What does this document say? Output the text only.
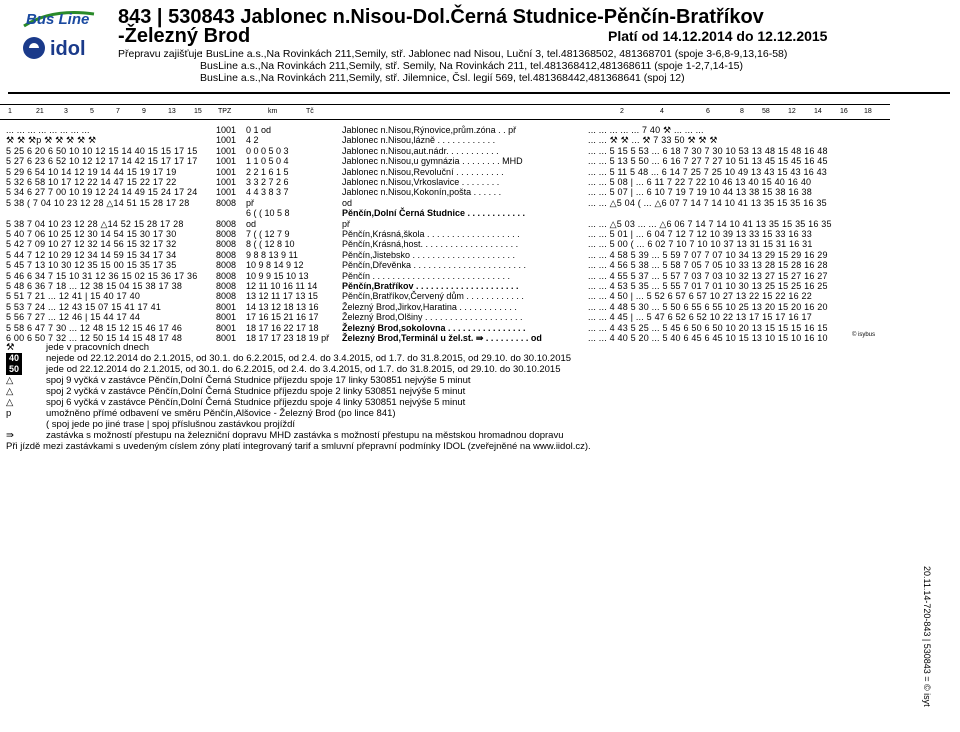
Bus Line
idol
843 | 530843 Jablonec n.Nisou-Dol.Černá Studnice-Pěnčín-Bratříkov
-Železný Brod	Platí od 14.12.2014 do 12.12.2015
Přepravu zajišťuje: BusLine a.s.,Na Rovinkách 211,Semily, stř. Jablonec nad Nisou, Luční 3, tel.481368502, 481368701 (spoje 3-6,8-9,13,16-58)
BusLine a.s.,Na Rovinkách 211,Semily, stř. Semily, Na Rovinkách 211, tel.481368412,481368611 (spoje 1-2,7,14-15)
BusLine a.s.,Na Rovinkách 211,Semily, stř. Jilemnice, Čsl. legií 569, tel.481368442,481368641 (spoj 12)
1	21	3	5	7	9	13	15 TPZ	km	Tč	2	4	6	8	58	12	14	16 18
... ... ... ... ... ... ... ...	1001 0 1 od	Jablonec n.Nisou,Rýnovice,prům.zóna . . př	... ... ... ... ... 7 40 ⚒ ... ... ...
⚒ ⚒ ⚒p ⚒ ⚒ ⚒ ⚒ ⚒	1001 4 2	Jablonec n.Nisou,lázně . . . . . . . . . . . .	... ... ⚒ ⚒ ... ⚒ 7 33 50 ⚒ ⚒ ⚒
5 25 6 20 6 50 10 10 12 15 14 40 15 15 17 15	1001 0 0 0 5 0 3	Jablonec n.Nisou,aut.nádr. . . . . . . . . . .	... ... 5 15 5 53 ... 6 18 7 30 7 30 10 53 13 48 15 48 16 48
5 27 6 23 6 52 10 12 12 17 14 42 15 17 17 17	1001 1 1 0 5 0 4	Jablonec n.Nisou,u gymnázia . . . . . . . . MHD	... ... 5 13 5 50 ... 6 16 7 27 7 27 10 51 13 45 15 45 16 45
5 29 6 54 10 14 12 19 14 44 15 19 17 19	1001 2 2 1 6 1 5	Jablonec n.Nisou,Revoluční . . . . . . . . . .	... ... 5 11 5 48 ... 6 14 7 25 7 25 10 49 13 43 15 43 16 43
5 32 6 58 10 17 12 22 14 47 15 22 17 22	1001 3 3 2 7 2 6	Jablonec n.Nisou,Vrkoslavice . . . . . . . .	... ... 5 08 | ... 6 11 7 22 7 22 10 46 13 40 15 40 16 40
5 34 6 27 7 00 10 19 12 24 14 49 15 24 17 24	1001 4 4 3 8 3 7	Jablonec n.Nisou,Kokonín,pošta . . . . . .	... ... 5 07 | ... 6 10 7 19 7 19 10 44 13 38 15 38 16 38
5 38 ( 7 04 10 23 12 28 △14 51 15 28 17 28	8008 př	od	... ... △5 04 ( ... △6 07 7 14 7 14 10 41 13 35 15 35 16 35
6 ( ( 10 5 8	Pěnčín,Dolní Černá Studnice . . . . . . . . . . . .
5 38 7 04 10 23 12 28 △14 52 15 28 17 28	8008 od	př	... ... △5 03 ... ... △6 06 7 14 7 14 10 41 13 35 15 35 16 35
5 40 7 06 10 25 12 30 14 54 15 30 17 30	8008 7 ( ( 12 7 9	Pěnčín,Krásná,škola . . . . . . . . . . . . . . . . . . .	... ... 5 01 | ... 6 04 7 12 7 12 10 39 13 33 15 33 16 33
5 42 7 09 10 27 12 32 14 56 15 32 17 32	8008 8 ( ( 12 8 10	Pěnčín,Krásná,host. . . . . . . . . . . . . . . . . . . .	... ... 5 00 ( ... 6 02 7 10 7 10 10 37 13 31 15 31 16 31
5 44 7 12 10 29 12 34 14 59 15 34 17 34	8008 9 8 8 13 9 11	Pěnčín,Jistebsko . . . . . . . . . . . . . . . . . . . . .	... ... 4 58 5 39 ... 5 59 7 07 7 07 10 34 13 29 15 29 16 29
5 45 7 13 10 30 12 35 15 00 15 35 17 35	8008 10 9 8 14 9 12	Pěnčín,Dřevěnka . . . . . . . . . . . . . . . . . . . . . . .	... ... 4 56 5 38 ... 5 58 7 05 7 05 10 33 13 28 15 28 16 28
5 46 6 34 7 15 10 31 12 36 15 02 15 36 17 36	8008 10 9 9 15 10 13	Pěnčín . . . . . . . . . . . . . . . . . . . . . . . . . . . .	... ... 4 55 5 37 ... 5 57 7 03 7 03 10 32 13 27 15 27 16 27
5 48 6 36 7 18 ... 12 38 15 04 15 38 17 38	8008 12 11 10 16 11 14	Pěnčín,Bratříkov . . . . . . . . . . . . . . . . . . . . .	... ... 4 53 5 35 ... 5 55 7 01 7 01 10 30 13 25 15 25 16 25
5 51 7 21 ... 12 41 | 15 40 17 40	8008 13 12 11 17 13 15	Pěnčín,Bratříkov,Červený dům . . . . . . . . . . . .	... ... 4 50 | ... 5 52 6 57 6 57 10 27 13 22 15 22 16 22
5 53 7 24 ... 12 43 15 07 15 41 17 41	8001 14 13 12 18 13 16	Železný Brod,Jirkov,Haratina . . . . . . . . . . . .	... ... 4 48 5 30 ... 5 50 6 55 6 55 10 25 13 20 15 20 16 20
5 56 7 27 ... 12 46 | 15 44 17 44	8001 17 16 15 21 16 17	Železný Brod,Olšiny . . . . . . . . . . . . . . . . . . . .	... ... 4 45 | ... 5 47 6 52 6 52 10 22 13 17 15 17 16 17
5 58 6 47 7 30 ... 12 48 15 12 15 46 17 46	8001 18 17 16 22 17 18	Železný Brod,sokolovna . . . . . . . . . . . . . . . .	... ... 4 43 5 25 ... 5 45 6 50 6 50 10 20 13 15 15 15 16 15
6 00 6 50 7 32 ... 12 50 15 14 15 48 17 48	8001 18 17 17 23 18 19 př Železný Brod,Terminál u žel.st. ⇛ . . . . . . . . . od	... ... 4 40 5 20 ... 5 40 6 45 6 45 10 15 13 10 15 10 16 10	© isybus
⚒	jede v pracovních dnech
40	nejede od 22.12.2014 do 2.1.2015, od 30.1. do 6.2.2015, od 2.4. do 3.4.2015, od 1.7. do 31.8.2015, od 29.10. do 30.10.2015
50	jede od 22.12.2014 do 2.1.2015, od 30.1. do 6.2.2015, od 2.4. do 3.4.2015, od 1.7. do 31.8.2015, od 29.10. do 30.10.2015
△	spoj 9 vyčká v zastávce Pěnčín,Dolní Černá Studnice příjezdu spoje 17 linky 530851 nejvýše 5 minut
△	spoj 2 vyčká v zastávce Pěnčín,Dolní Černá Studnice příjezdu spoje 2 linky 530851 nejvýše 5 minut
△	spoj 6 vyčká v zastávce Pěnčín,Dolní Černá Studnice příjezdu spoje 4 linky 530851 nejvýše 5 minut
p	umožněno přímé odbavení ve směru Pěnčín,Alšovice - Železný Brod (po lince 841)
( spoj jede po jiné trase | spoj příslušnou zastávkou projíždí
⇛	zastávka s možností přestupu na železniční dopravu MHD zastávka s možností přestupu na městskou hromadnou dopravu
Při jízdě mezi zastávkami s uvedeným císlem zóny platí integrovaný tarif a smluvní přepravní podmínky IDOL (zveřejněné na www.iidol.cz).
20.11.14-720-843 | 530843 = © isyt
